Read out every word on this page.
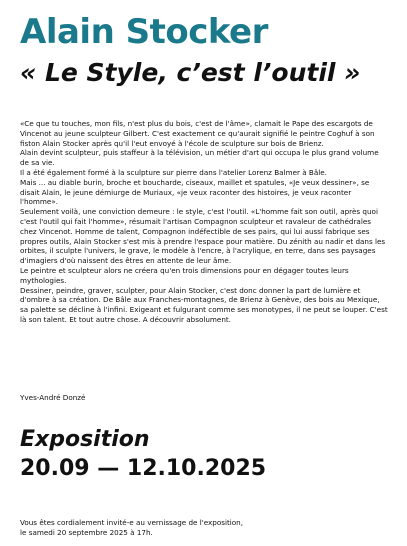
Alain Stocker
« Le Style, c’est l’outil »

«Ce que tu touches, mon fils, n'est plus du bois, c'est de l'âme», clamait le Pape des escargots de Vincenot au jeune sculpteur Gilbert. C'est exactement ce qu'aurait signifié le peintre Coghuf à son fiston Alain Stocker après qu'il l'eut envoyé à l'école de sculpture sur bois de Brienz.

Alain devint sculpteur, puis staffeur à la télévision, un métier d'art qui occupa le plus grand volume de sa vie.

Il a été également formé à la sculpture sur pierre dans l'atelier Lorenz Balmer à Bâle.

Mais ... au diable burin, broche et boucharde, ciseaux, maillet et spatules, «Je veux dessiner», se disait Alain, le jeune démiurge de Muriaux, «je veux raconter des histoires, je veux raconter l'homme».

Seulement voilà, une conviction demeure : le style, c'est l'outil. «L'homme fait son outil, après quoi c'est l'outil qui fait l'homme», résumait l'artisan Compagnon sculpteur et ravaleur de cathédrales chez Vincenot. Homme de talent, Compagnon indéfectible de ses pairs, qui lui aussi fabrique ses propres outils, Alain Stocker s'est mis à prendre l'espace pour matière. Du zénith au nadir et dans les orbites, il sculpte l'univers, le grave, le modèle à l'encre, à l'acrylique, en terre, dans ses paysages d'imagiers d'où naissent des êtres en attente de leur âme.

Le peintre et sculpteur alors ne créera qu'en trois dimensions pour en dégager toutes leurs mythologies.

Dessiner, peindre, graver, sculpter, pour Alain Stocker, c'est donc donner la part de lumière et d'ombre à sa création. De Bâle aux Franches-montagnes, de Brienz à Genève, des bois au Mexique, sa palette se décline à l'infini. Exigeant et fulgurant comme ses monotypes, il ne peut se louper. C'est là son talent. Et tout autre chose. A découvrir absolument.

Yves-André Donzé
Exposition
20.09 — 12.10.2025

Vous êtes cordialement invité-e au vernissage de l'exposition,

le samedi 20 septembre 2025 à 17h.
